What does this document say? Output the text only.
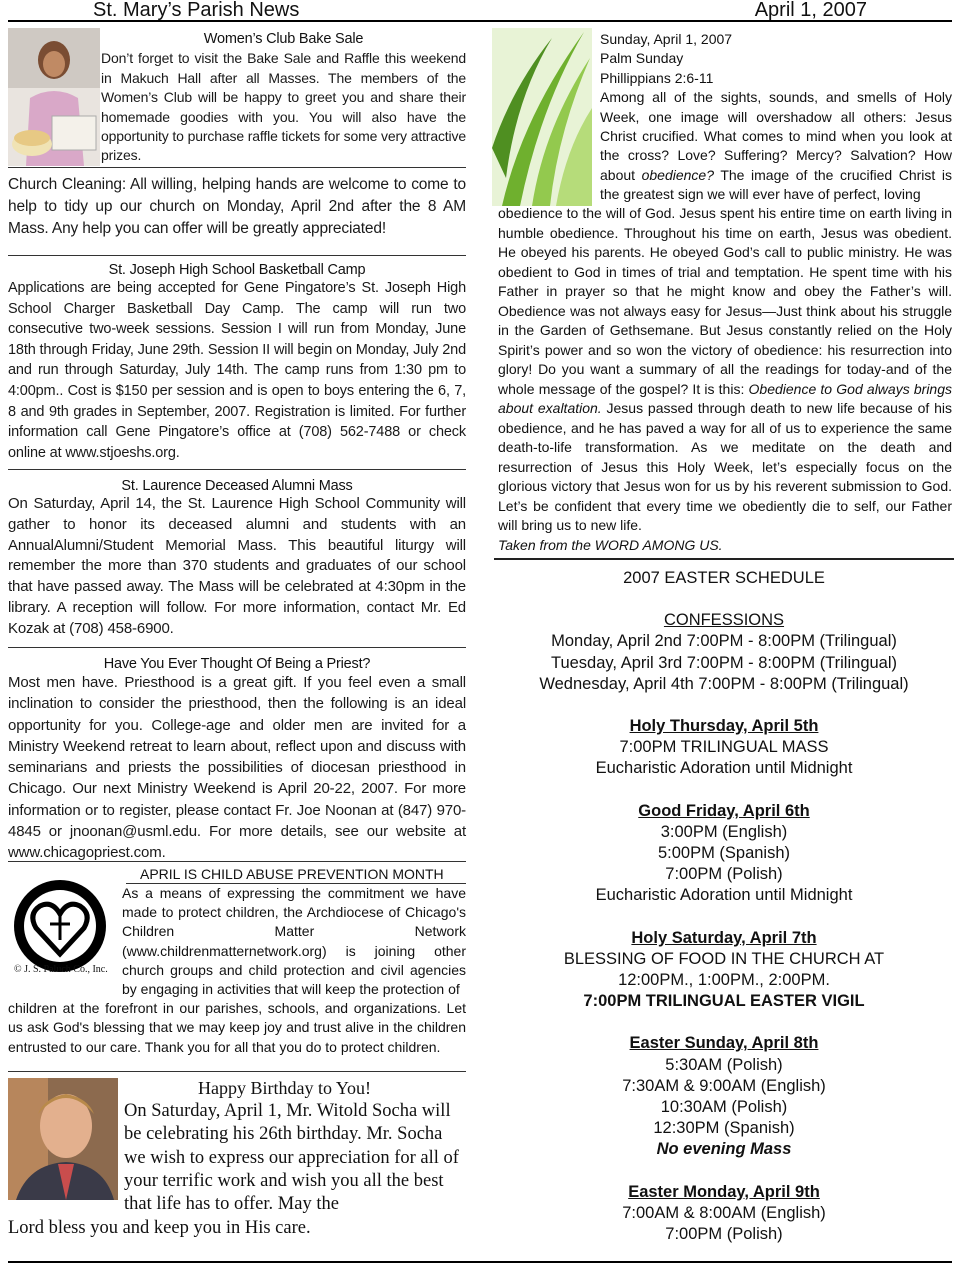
St. Mary’s Parish News	April 1, 2007
Women’s Club Bake Sale
Don’t forget to visit the Bake Sale and Raffle this weekend in Makuch Hall after all Masses. The members of the Women’s Club will be happy to greet you and share their homemade goodies with you. You will also have the opportunity to purchase raffle tickets for some very attractive prizes.
Church Cleaning: All willing, helping hands are welcome to come to help to tidy up our church on Monday, April 2nd after the 8 AM Mass. Any help you can offer will be greatly appreciated!
St. Joseph High School Basketball Camp
Applications are being accepted for Gene Pingatore’s St. Joseph High School Charger Basketball Day Camp. The camp will run two consecutive two-week sessions. Session I will run from Monday, June 18th through Friday, June 29th. Session II will begin on Monday, July 2nd and run through Saturday, July 14th. The camp runs from 1:30 pm to 4:00pm.. Cost is $150 per session and is open to boys entering the 6, 7, 8 and 9th grades in September, 2007. Registration is limited. For further information call Gene Pingatore’s office at (708) 562-7488 or check online at www.stjoeshs.org.
St. Laurence Deceased Alumni Mass
On Saturday, April 14, the St. Laurence High School Community will gather to honor its deceased alumni and students with an AnnualAlumni/Student Memorial Mass. This beautiful liturgy will remember the more than 370 students and graduates of our school that have passed away. The Mass will be celebrated at 4:30pm in the library. A reception will follow. For more information, contact Mr. Ed Kozak at (708) 458-6900.
Have You Ever Thought Of Being a Priest?
Most men have. Priesthood is a great gift. If you feel even a small inclination to consider the priesthood, then the following is an ideal opportunity for you. College-age and older men are invited for a Ministry Weekend retreat to learn about, reflect upon and discuss with seminarians and priests the possibilities of diocesan priesthood in Chicago. Our next Ministry Weekend is April 20-22, 2007. For more information or to register, please contact Fr. Joe Noonan at (847) 970-4845 or jnoonan@usml.edu. For more details, see our website at www.chicagopriest.com.
© J. S. Paluch Co., Inc.
APRIL IS CHILD ABUSE PREVENTION MONTH
As a means of expressing the commitment we have made to protect children, the Archdiocese of Chicago's Children Matter Network (www.childrenmatternetwork.org) is joining other church groups and child protection and civil agencies by engaging in activities that will keep the protection of
children at the forefront in our parishes, schools, and organizations. Let us ask God's blessing that we may keep joy and trust alive in the children entrusted to our care. Thank you for all that you do to protect children.
Happy Birthday to You!
On Saturday, April 1, Mr. Witold Socha will be celebrating his 26th birthday. Mr. Socha we wish to express our appreciation for all of your terrific work and wish you all the best that life has to offer. May the
Lord bless you and keep you in His care.
Sunday, April 1, 2007
Palm Sunday
Phillippians 2:6-11
Among all of the sights, sounds, and smells of Holy Week, one image will overshadow all others: Jesus Christ crucified. What comes to mind when you look at the cross? Love? Suffering? Mercy? Salvation? How about obedience? The image of the crucified Christ is the greatest sign we will ever have of perfect, loving
obedience to the will of God. Jesus spent his entire time on earth living in humble obedience. Throughout his time on earth, Jesus was obedient. He obeyed his parents. He obeyed God’s call to public ministry. He was obedient to God in times of trial and temptation. He spent time with his Father in prayer so that he might know and obey the Father’s will. Obedience was not always easy for Jesus—Just think about his struggle in the Garden of Gethsemane. But Jesus constantly relied on the Holy Spirit’s power and so won the victory of obedience: his resurrection into glory! Do you want a summary of all the readings for today-and of the whole message of the gospel? It is this: Obedience to God always brings about exaltation. Jesus passed through death to new life because of his obedience, and he has paved a way for all of us to experience the same death-to-life transformation. As we meditate on the death and resurrection of Jesus this Holy Week, let’s especially focus on the glorious victory that Jesus won for us by his reverent submission to God. Let’s be confident that every time we obediently die to self, our Father will bring us to new life.
Taken from the WORD AMONG US.
2007 EASTER SCHEDULE
CONFESSIONS
Monday, April 2nd 7:00PM - 8:00PM (Trilingual)
Tuesday, April 3rd 7:00PM - 8:00PM (Trilingual)
Wednesday, April 4th 7:00PM - 8:00PM (Trilingual)
Holy Thursday, April 5th
7:00PM TRILINGUAL MASS
Eucharistic Adoration until Midnight
Good Friday, April 6th
3:00PM (English)
5:00PM (Spanish)
7:00PM (Polish)
Eucharistic Adoration until Midnight
Holy Saturday, April 7th
BLESSING OF FOOD IN THE CHURCH AT
12:00PM., 1:00PM., 2:00PM.
7:00PM TRILINGUAL EASTER VIGIL
Easter Sunday, April 8th
5:30AM (Polish)
7:30AM & 9:00AM (English)
10:30AM (Polish)
12:30PM (Spanish)
No evening Mass
Easter Monday, April 9th
7:00AM & 8:00AM (English)
7:00PM (Polish)
